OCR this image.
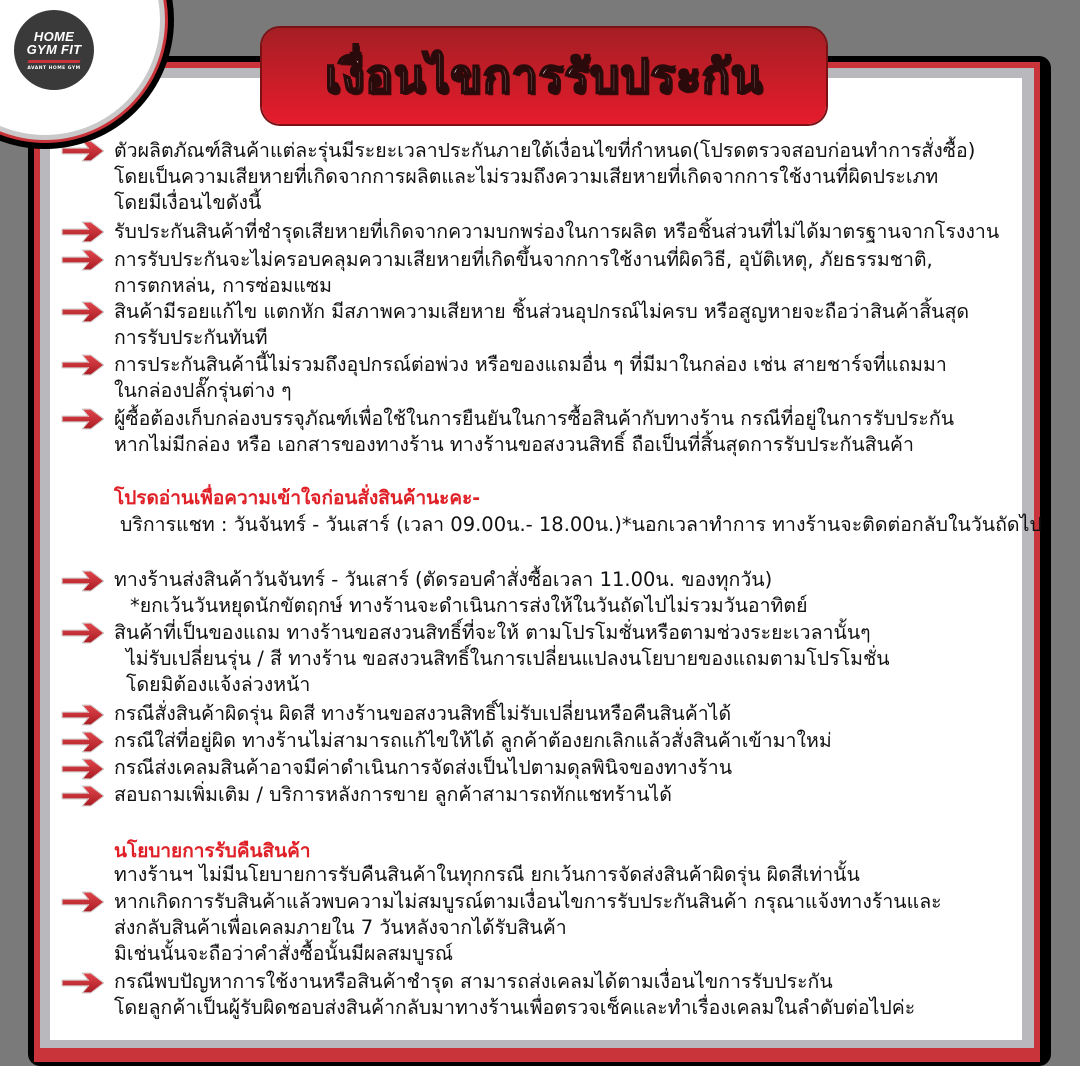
HOME
GYM FIT
AVANT HOME GYM	เงื่อนไขการรับประกัน
ตัวผลิตภัณฑ์สินค้าแต่ละรุ่นมีระยะเวลาประกันภายใต้เงื่อนไขที่กำหนด(โปรดตรวจสอบก่อนทำการสั่งซื้อ)
โดยเป็นความเสียหายที่เกิดจากการผลิตและไม่รวมถึงความเสียหายที่เกิดจากการใช้งานที่ผิดประเภท
โดยมีเงื่อนไขดังนี้
รับประกันสินค้าที่ชำรุดเสียหายที่เกิดจากความบกพร่องในการผลิต หรือชิ้นส่วนที่ไม่ได้มาตรฐานจากโรงงาน
การรับประกันจะไม่ครอบคลุมความเสียหายที่เกิดขึ้นจากการใช้งานที่ผิดวิธี, อุบัติเหตุ, ภัยธรรมชาติ,
การตกหล่น, การซ่อมแซม
สินค้ามีรอยแก้ไข แตกหัก มีสภาพความเสียหาย ชิ้นส่วนอุปกรณ์ไม่ครบ หรือสูญหายจะถือว่าสินค้าสิ้นสุด
การรับประกันทันที
การประกันสินค้านี้ไม่รวมถึงอุปกรณ์ต่อพ่วง หรือของแถมอื่น ๆ ที่มีมาในกล่อง เช่น สายชาร์จที่แถมมา
ในกล่องปลั๊กรุ่นต่าง ๆ
ผู้ซื้อต้องเก็บกล่องบรรจุภัณฑ์เพื่อใช้ในการยืนยันในการซื้อสินค้ากับทางร้าน กรณีที่อยู่ในการรับประกัน
หากไม่มีกล่อง หรือ เอกสารของทางร้าน ทางร้านขอสงวนสิทธิ์ ถือเป็นที่สิ้นสุดการรับประกันสินค้า
โปรดอ่านเพื่อความเข้าใจก่อนสั่งสินค้านะคะ-
บริการแชท : วันจันทร์ - วันเสาร์ (เวลา 09.00น.- 18.00น.)*นอกเวลาทำการ ทางร้านจะติดต่อกลับในวันถัดไป
ทางร้านส่งสินค้าวันจันทร์ - วันเสาร์ (ตัดรอบคำสั่งซื้อเวลา 11.00น. ของทุกวัน)
*ยกเว้นวันหยุดนักขัตฤกษ์ ทางร้านจะดำเนินการส่งให้ในวันถัดไปไม่รวมวันอาทิตย์
สินค้าที่เป็นของแถม ทางร้านขอสงวนสิทธิ์ที่จะให้ ตามโปรโมชั่นหรือตามช่วงระยะเวลานั้นๆ
ไม่รับเปลี่ยนรุ่น / สี ทางร้าน ขอสงวนสิทธิ์ในการเปลี่ยนแปลงนโยบายของแถมตามโปรโมชั่น
โดยมิต้องแจ้งล่วงหน้า
กรณีสั่งสินค้าผิดรุ่น ผิดสี ทางร้านขอสงวนสิทธิ์ไม่รับเปลี่ยนหรือคืนสินค้าได้
กรณีใส่ที่อยู่ผิด ทางร้านไม่สามารถแก้ไขให้ได้ ลูกค้าต้องยกเลิกแล้วสั่งสินค้าเข้ามาใหม่
กรณีส่งเคลมสินค้าอาจมีค่าดำเนินการจัดส่งเป็นไปตามดุลพินิจของทางร้าน
สอบถามเพิ่มเติม / บริการหลังการขาย ลูกค้าสามารถทักแชทร้านได้
นโยบายการรับคืนสินค้า
ทางร้านฯ ไม่มีนโยบายการรับคืนสินค้าในทุกกรณี ยกเว้นการจัดส่งสินค้าผิดรุ่น ผิดสีเท่านั้น
หากเกิดการรับสินค้าแล้วพบความไม่สมบูรณ์ตามเงื่อนไขการรับประกันสินค้า กรุณาแจ้งทางร้านและ
ส่งกลับสินค้าเพื่อเคลมภายใน 7 วันหลังจากได้รับสินค้า
มิเช่นนั้นจะถือว่าคำสั่งซื้อนั้นมีผลสมบูรณ์
กรณีพบปัญหาการใช้งานหรือสินค้าชำรุด สามารถส่งเคลมได้ตามเงื่อนไขการรับประกัน
โดยลูกค้าเป็นผู้รับผิดชอบส่งสินค้ากลับมาทางร้านเพื่อตรวจเช็คและทำเรื่องเคลมในลำดับต่อไปค่ะ
